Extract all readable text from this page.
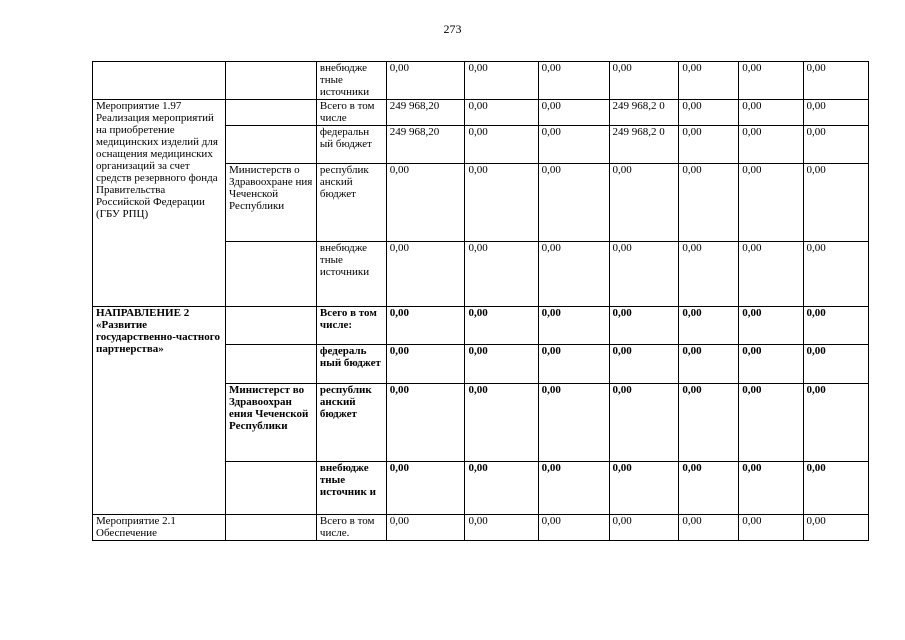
273
		внебюдже тные источники	0,00	0,00	0,00	0,00	0,00	0,00	0,00
Мероприятие 1.97 Реализация мероприятий на приобретение медицинских изделий для оснащения медицинских организаций за счет средств резервного фонда Правительства Российской Федерации (ГБУ РПЦ)		Всего в том числе	249 968,20	0,00	0,00	249 968,2 0	0,00	0,00	0,00
		федеральн ый бюджет	249 968,20	0,00	0,00	249 968,2 0	0,00	0,00	0,00
	Министерств о Здравоохране ния Чеченской Республики	республик анский бюджет	0,00	0,00	0,00	0,00	0,00	0,00	0,00
		внебюдже тные источники	0,00	0,00	0,00	0,00	0,00	0,00	0,00
НАПРАВЛЕНИЕ 2 «Развитие государственно-частного партнерства»		Всего в том числе:	0,00	0,00	0,00	0,00	0,00	0,00	0,00
		федераль ный бюджет	0,00	0,00	0,00	0,00	0,00	0,00	0,00
	Министерст во Здравоохран ения Чеченской Республики	республик анский бюджет	0,00	0,00	0,00	0,00	0,00	0,00	0,00
		внебюдже тные источник и	0,00	0,00	0,00	0,00	0,00	0,00	0,00
Мероприятие 2.1 Обеспечение		Всего в том числе.	0,00	0,00	0,00	0,00	0,00	0,00	0,00
